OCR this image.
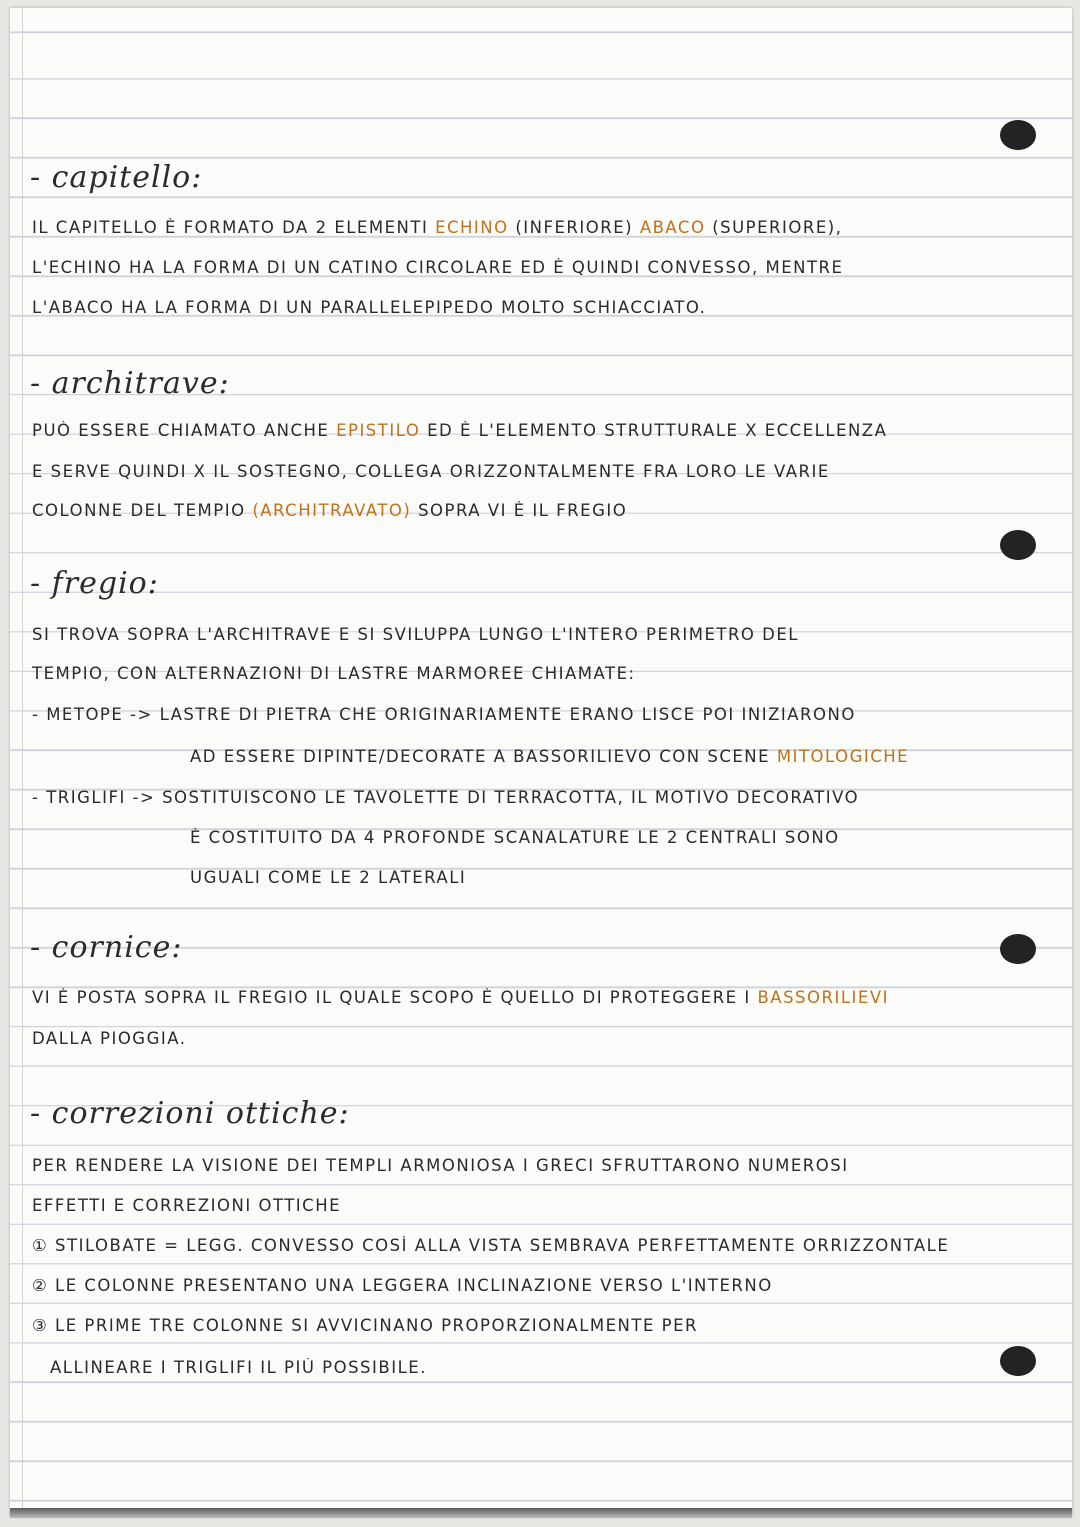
- capitello:
IL CAPITELLO È FORMATO DA 2 ELEMENTI ECHINO (INFERIORE) ABACO (SUPERIORE),
L'ECHINO HA LA FORMA DI UN CATINO CIRCOLARE ED È QUINDI CONVESSO, MENTRE
L'ABACO HA LA FORMA DI UN PARALLELEPIPEDO MOLTO SCHIACCIATO.
- architrave:
PUÒ ESSERE CHIAMATO ANCHE EPISTILO ED È L'ELEMENTO STRUTTURALE X ECCELLENZA
E SERVE QUINDI X IL SOSTEGNO, COLLEGA ORIZZONTALMENTE FRA LORO LE VARIE
COLONNE DEL TEMPIO (ARCHITRAVATO) SOPRA VI È IL FREGIO
- fregio:
SI TROVA SOPRA L'ARCHITRAVE E SI SVILUPPA LUNGO L'INTERO PERIMETRO DEL
TEMPIO, CON ALTERNAZIONI DI LASTRE MARMOREE CHIAMATE:
- METOPE -> LASTRE DI PIETRA CHE ORIGINARIAMENTE ERANO LISCE POI INIZIARONO
AD ESSERE DIPINTE/DECORATE A BASSORILIEVO CON SCENE MITOLOGICHE
- TRIGLIFI -> SOSTITUISCONO LE TAVOLETTE DI TERRACOTTA, IL MOTIVO DECORATIVO
È COSTITUITO DA 4 PROFONDE SCANALATURE LE 2 CENTRALI SONO
UGUALI COME LE 2 LATERALI
- cornice:
VI È POSTA SOPRA IL FREGIO IL QUALE SCOPO È QUELLO DI PROTEGGERE I BASSORILIEVI
DALLA PIOGGIA.
- correzioni ottiche:
PER RENDERE LA VISIONE DEI TEMPLI ARMONIOSA I GRECI SFRUTTARONO NUMEROSI
EFFETTI E CORREZIONI OTTICHE
① STILOBATE = LEGG. CONVESSO COSÌ ALLA VISTA SEMBRAVA PERFETTAMENTE ORRIZZONTALE
② LE COLONNE PRESENTANO UNA LEGGERA INCLINAZIONE VERSO L'INTERNO
③ LE PRIME TRE COLONNE SI AVVICINANO PROPORZIONALMENTE PER
ALLINEARE I TRIGLIFI IL PIÙ POSSIBILE.
